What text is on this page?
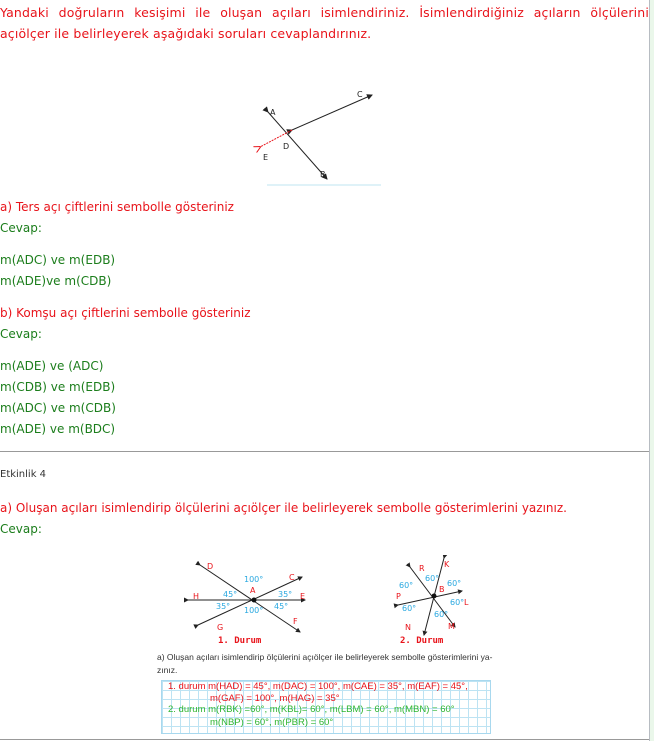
Yandaki doğruların kesişimi ile oluşan açıları isimlendiriniz. İsimlendirdiğiniz açıların ölçülerini açıölçer ile belirleyerek aşağıdaki soruları cevaplandırınız.
A
C
D
E
B
a) Ters açı çiftlerini sembolle gösteriniz
Cevap:
m(ADC) ve m(EDB)
m(ADE)ve m(CDB)
b) Komşu açı çiftlerini sembolle gösteriniz
Cevap:
m(ADE) ve (ADC)
m(CDB) ve m(EDB)
m(ADC) ve m(CDB)
m(ADE) ve m(BDC)
Etkinlik 4
a) Oluşan açıları isimlendirip ölçülerini açıölçer ile belirleyerek sembolle gösterimlerini yazınız.
Cevap:
D
C
H
A
E
G
F
100°
45°	35°
35°	45°
100°
1. Durum
R K
P
B
L
N	M
60°
60°
60°
60°
60°
60°
2. Durum
a) Oluşan açıları isimlendirip ölçülerini açıölçer ile belirleyerek sembolle gösterimlerini ya-
zınız.
1. durum m(HAD) = 45°, m(DAC) = 100°, m(CAE) = 35°, m(EAF) = 45°,
m(GAF) = 100°, m(HAG) = 35°
2. durum m(RBK) =60°, m(KBL)= 60°, m(LBM) = 60°, m(MBN) = 60°
m(NBP) = 60°, m(PBR) = 60°
